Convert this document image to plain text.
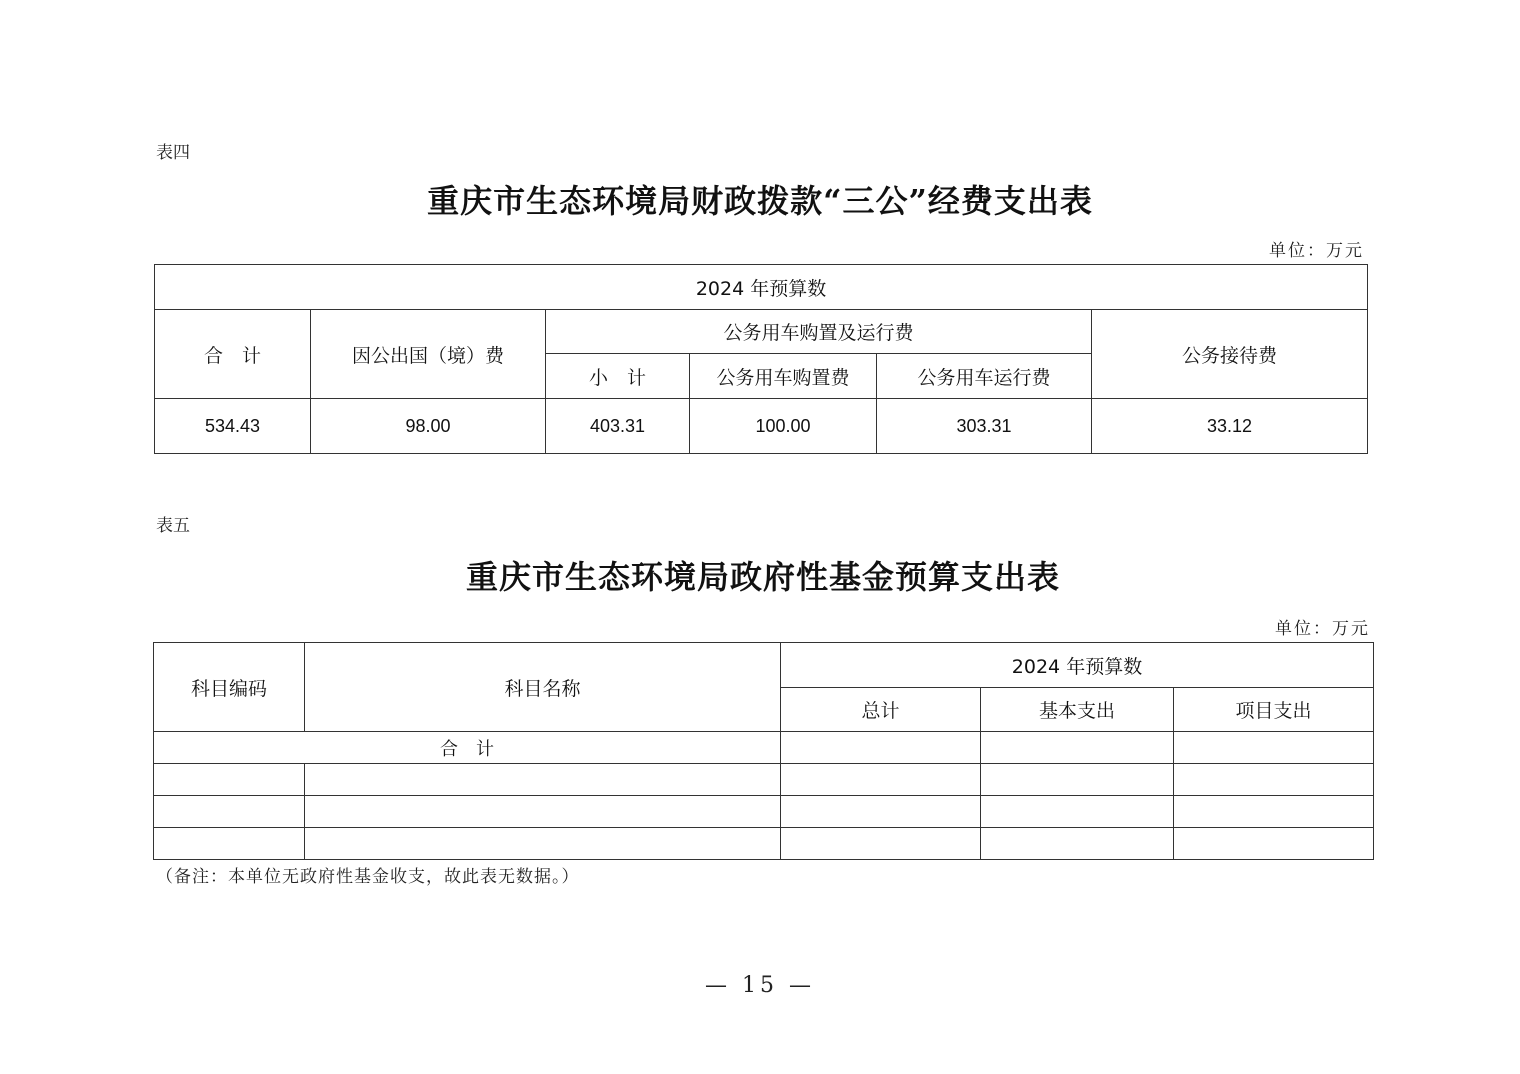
表四
重庆市生态环境局财政拨款“三公”经费支出表
单位：万元
2024 年预算数					
合　计	因公出国（境）费	公务用车购置及运行费			公务接待费
		小　计	公务用车购置费	公务用车运行费	
534.43	98.00	403.31	100.00	303.31	33.12
表五
重庆市生态环境局政府性基金预算支出表
单位：万元
科目编码	科目名称	2024 年预算数		
		总计	基本支出	项目支出
合　计				

（备注：本单位无政府性基金收支，故此表无数据。）
— 15 —
